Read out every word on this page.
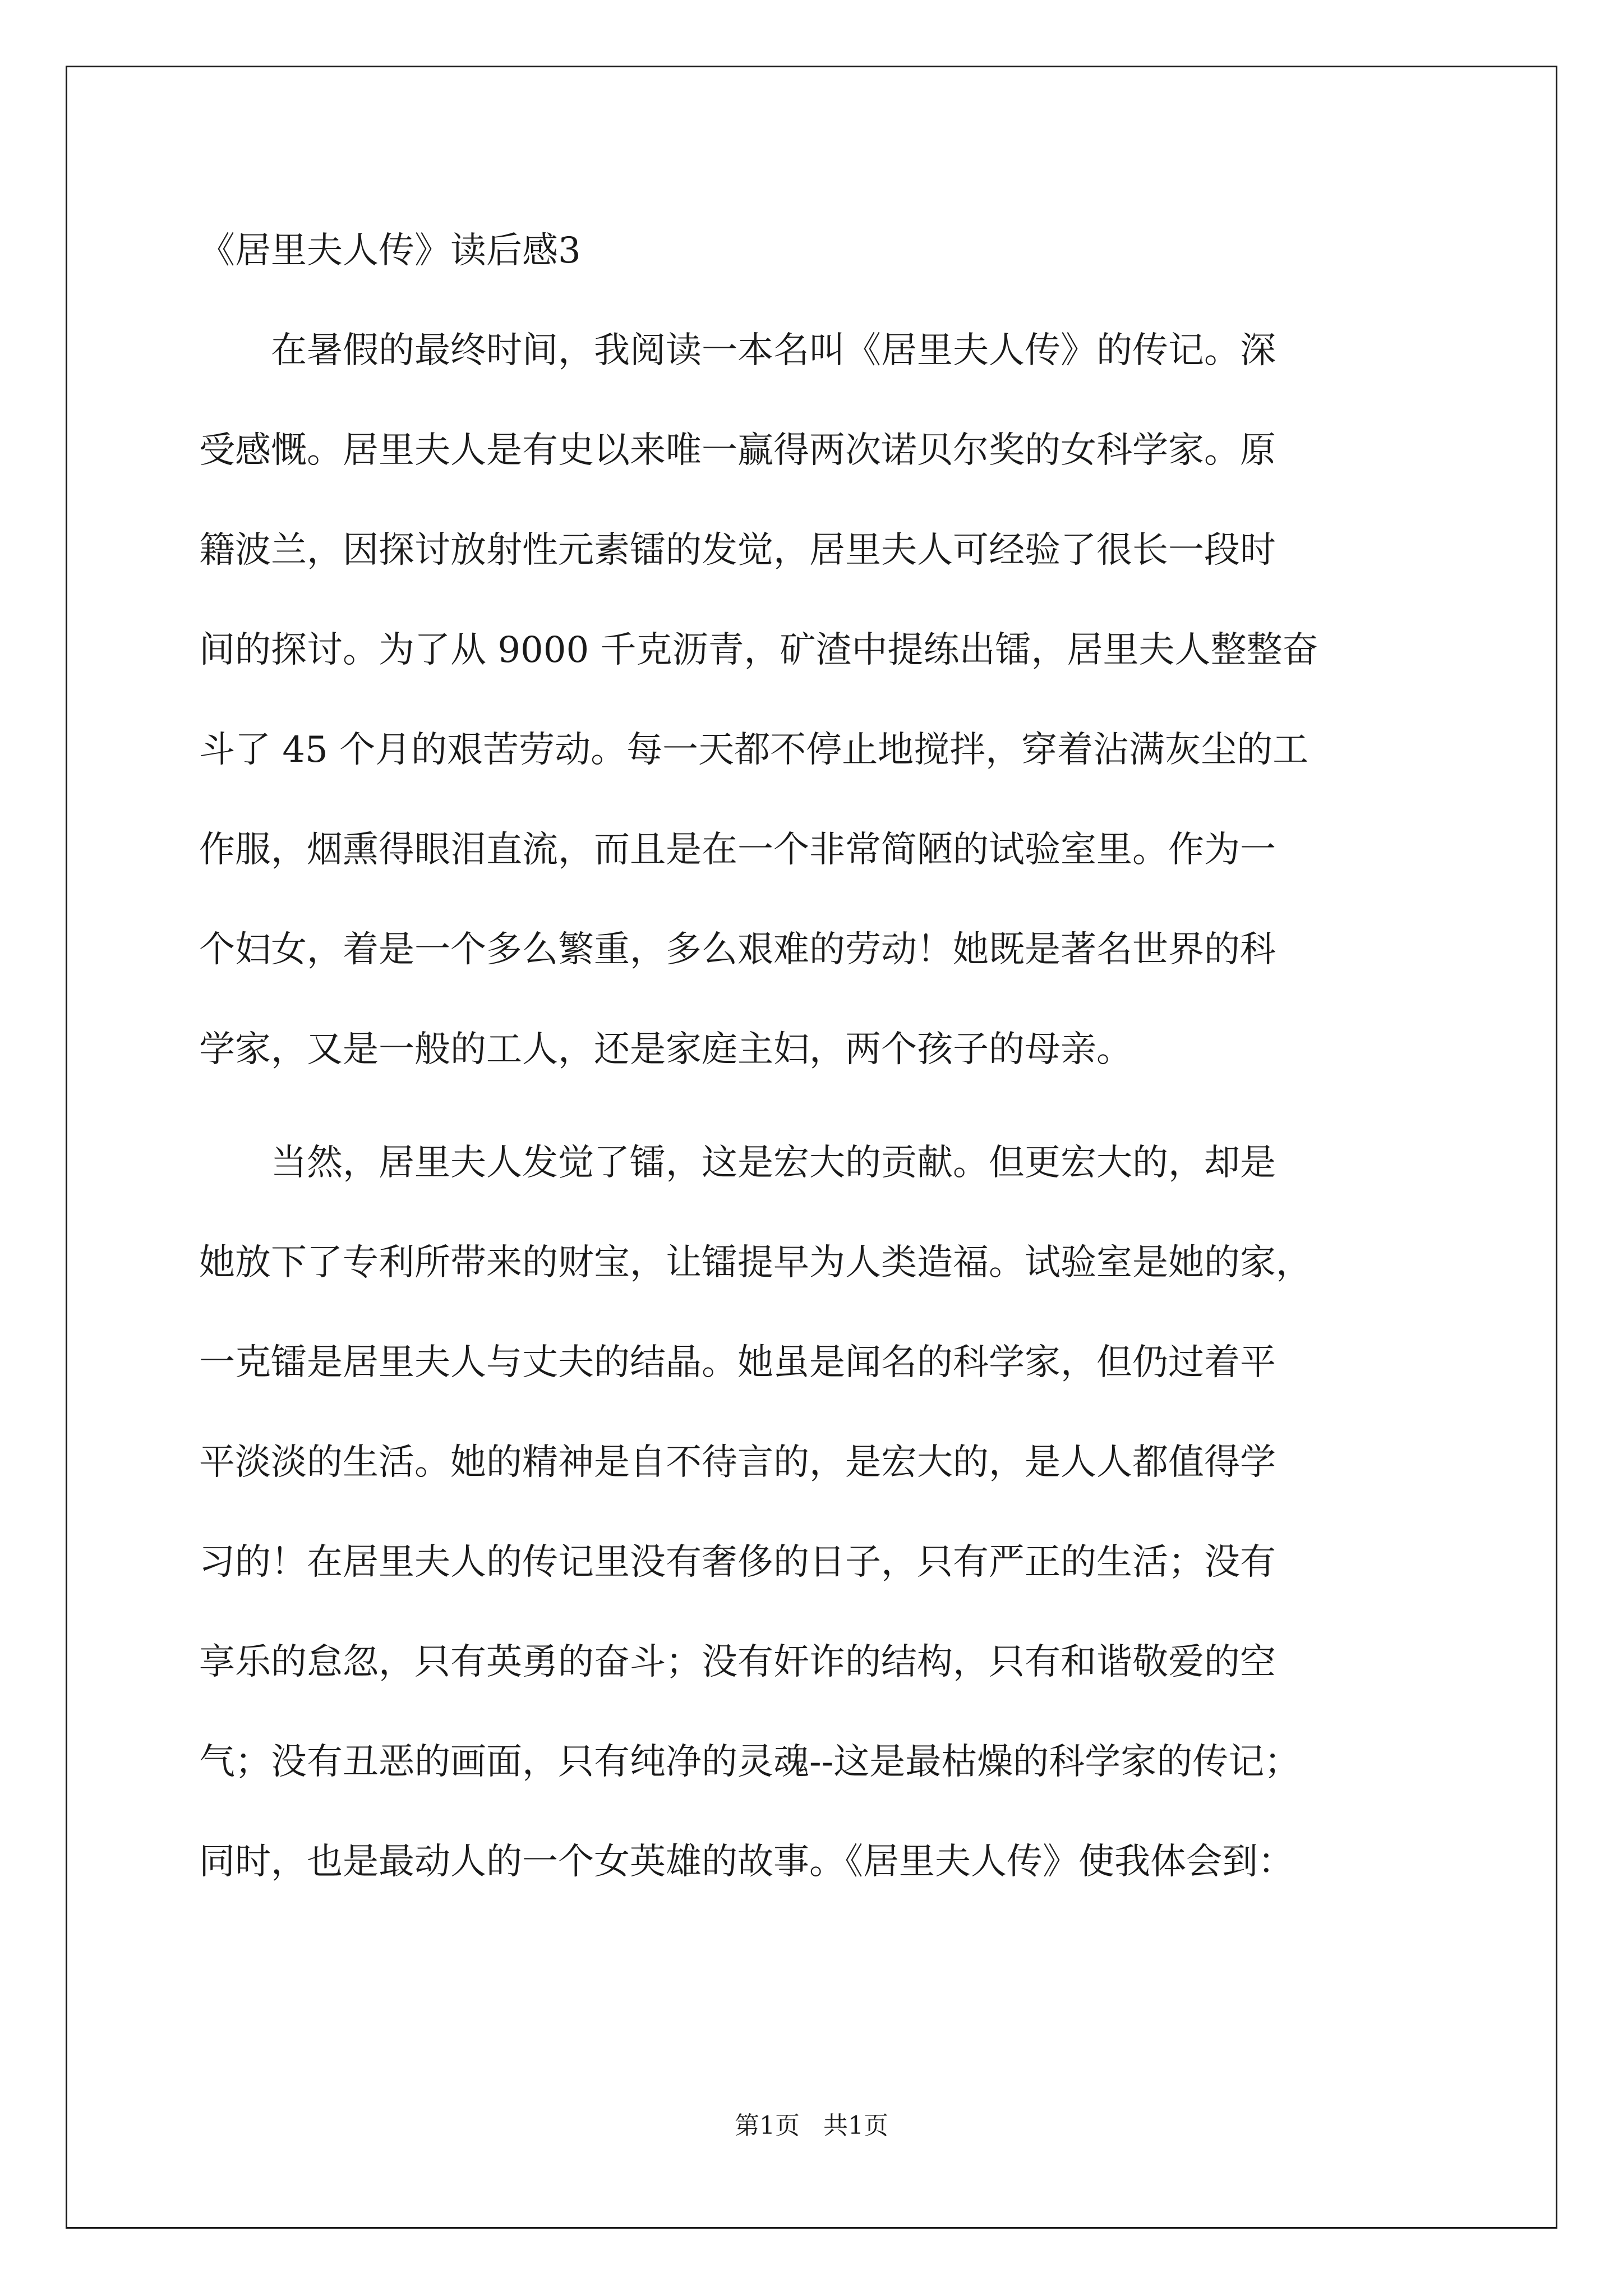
《居里夫人传》读后感3
　　在暑假的最终时间，我阅读一本名叫《居里夫人传》的传记。深
受感慨。居里夫人是有史以来唯一赢得两次诺贝尔奖的女科学家。原
籍波兰，因探讨放射性元素镭的发觉，居里夫人可经验了很长一段时
间的探讨。为了从 9000 千克沥青，矿渣中提练出镭，居里夫人整整奋
斗了 45 个月的艰苦劳动。每一天都不停止地搅拌，穿着沾满灰尘的工
作服，烟熏得眼泪直流，而且是在一个非常简陋的试验室里。作为一
个妇女，着是一个多么繁重，多么艰难的劳动！她既是著名世界的科
学家，又是一般的工人，还是家庭主妇，两个孩子的母亲。
　　当然，居里夫人发觉了镭，这是宏大的贡献。但更宏大的，却是
她放下了专利所带来的财宝，让镭提早为人类造福。试验室是她的家，
一克镭是居里夫人与丈夫的结晶。她虽是闻名的科学家，但仍过着平
平淡淡的生活。她的精神是自不待言的，是宏大的，是人人都值得学
习的！在居里夫人的传记里没有奢侈的日子，只有严正的生活；没有
享乐的怠忽，只有英勇的奋斗；没有奸诈的结构，只有和谐敬爱的空
气；没有丑恶的画面，只有纯净的灵魂--这是最枯燥的科学家的传记；
同时，也是最动人的一个女英雄的故事。《居里夫人传》使我体会到：
第1页   共1页
